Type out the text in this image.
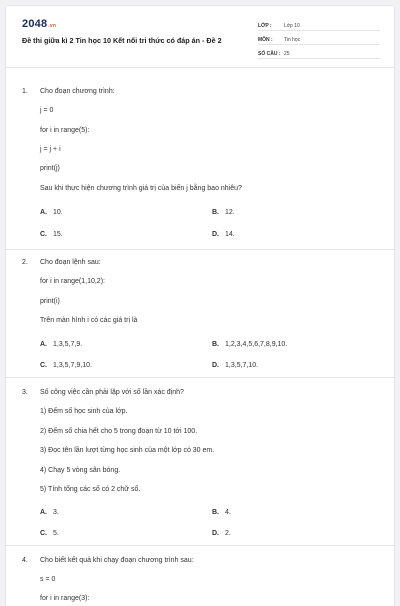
2048.vn
Đề thi giữa kì 2 Tin học 10 Kết nối tri thức có đáp án - Đề 2
LỚP :	Lớp 10
MÔN :	Tin học
SỐ CÂU : 25
1. Cho đoạn chương trình:
j = 0
for i in range(5):
j = j + i
print(j)
Sau khi thực hiện chương trình giá trị của biến j bằng bao nhiêu?
A. 10.	B. 12.
C. 15.	D. 14.
2. Cho đoạn lệnh sau:
for i in range(1,10,2):
print(i)
Trên màn hình i có các giá trị là
A. 1,3,5,7,9.	B. 1,2,3,4,5,6,7,8,9,10.
C. 1,3,5,7,9,10.	D. 1,3,5,7,10.
3. Số công việc cần phải lặp với số lần xác định?
1) Đếm số học sinh của lớp.
2) Đếm số chia hết cho 5 trong đoạn từ 10 tới 100.
3) Đọc tên lần lượt từng học sinh của một lớp có 30 em.
4) Chạy 5 vòng sân bóng.
5) Tính tổng các số có 2 chữ số.
A. 3.	B. 4.
C. 5.	D. 2.
4. Cho biết kết quả khi chạy đoạn chương trình sau:
s = 0
for i in range(3):
